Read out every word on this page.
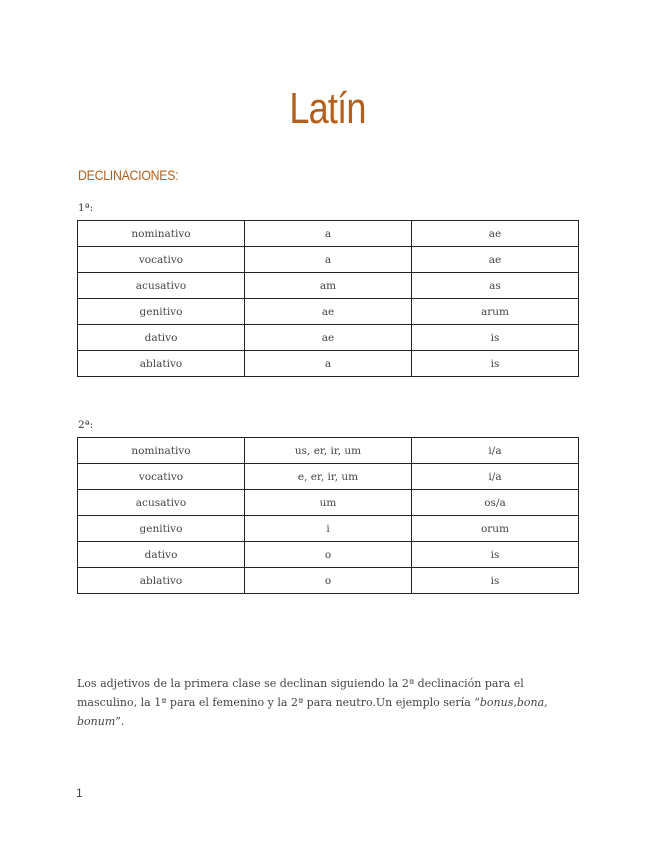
Latín
DECLINACIONES:
1ª:
nominativo	a	ae
vocativo	a	ae
acusativo	am	as
genitivo	ae	arum
dativo	ae	is
ablativo	a	is
2ª:
nominativo	us, er, ir, um	i/a
vocativo	e, er, ir, um	i/a
acusativo	um	os/a
genitivo	i	orum
dativo	o	is
ablativo	o	is

Los adjetivos de la primera clase se declinan siguiendo la 2ª declinación para el masculino, la 1ª para el femenino y la 2ª para neutro.Un ejemplo sería “bonus,bona, bonum”.

1
